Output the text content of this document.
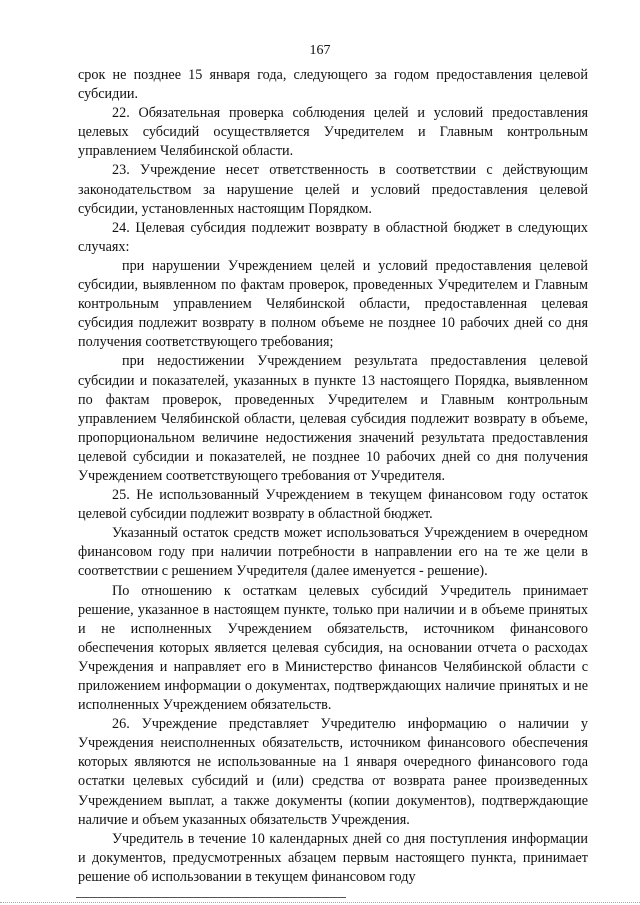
167

срок не позднее 15 января года, следующего за годом предоставления целевой субсидии.

22. Обязательная проверка соблюдения целей и условий предоставления целевых субсидий осуществляется Учредителем и Главным контрольным управлением Челябинской области.

23. Учреждение несет ответственность в соответствии с действующим законодательством за нарушение целей и условий предоставления целевой субсидии, установленных настоящим Порядком.

24. Целевая субсидия подлежит возврату в областной бюджет в следующих случаях:

при нарушении Учреждением целей и условий предоставления целевой субсидии, выявленном по фактам проверок, проведенных Учредителем и Главным контрольным управлением Челябинской области, предоставленная целевая субсидия подлежит возврату в полном объеме не позднее 10 рабочих дней со дня получения соответствующего требования;

при недостижении Учреждением результата предоставления целевой субсидии и показателей, указанных в пункте 13 настоящего Порядка, выявленном по фактам проверок, проведенных Учредителем и Главным контрольным управлением Челябинской области, целевая субсидия подлежит возврату в объеме, пропорциональном величине недостижения значений результата предоставления целевой субсидии и показателей, не позднее 10 рабочих дней со дня получения Учреждением соответствующего требования от Учредителя.

25. Не использованный Учреждением в текущем финансовом году остаток целевой субсидии подлежит возврату в областной бюджет.

Указанный остаток средств может использоваться Учреждением в очередном финансовом году при наличии потребности в направлении его на те же цели в соответствии с решением Учредителя (далее именуется - решение).

По отношению к остаткам целевых субсидий Учредитель принимает решение, указанное в настоящем пункте, только при наличии и в объеме принятых и не исполненных Учреждением обязательств, источником финансового обеспечения которых является целевая субсидия, на основании отчета о расходах Учреждения и направляет его в Министерство финансов Челябинской области с приложением информации о документах, подтверждающих наличие принятых и не исполненных Учреждением обязательств.

26. Учреждение представляет Учредителю информацию о наличии у Учреждения неисполненных обязательств, источником финансового обеспечения которых являются не использованные на 1 января очередного финансового года остатки целевых субсидий и (или) средства от возврата ранее произведенных Учреждением выплат, а также документы (копии документов), подтверждающие наличие и объем указанных обязательств Учреждения.

Учредитель в течение 10 календарных дней со дня поступления информации и документов, предусмотренных абзацем первым настоящего пункта, принимает решение об использовании в текущем финансовом году
